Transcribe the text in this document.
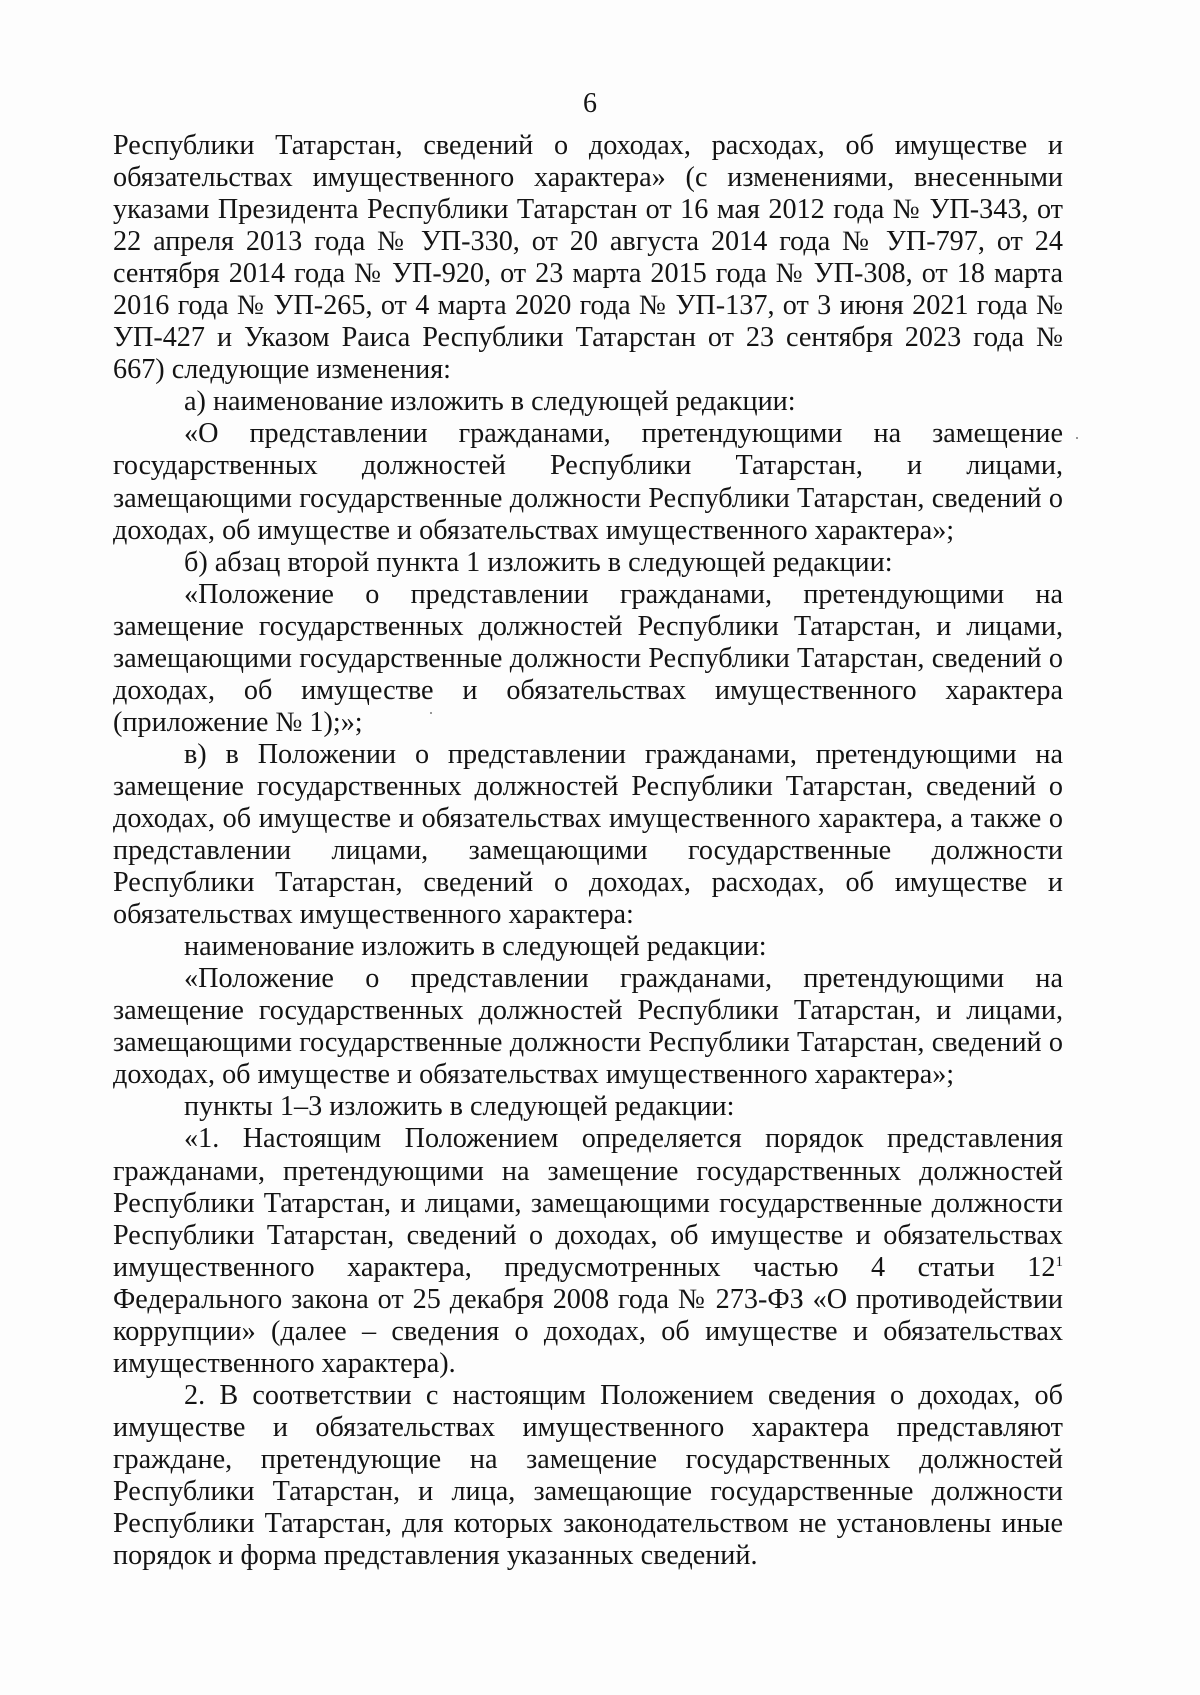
6

Республики Татарстан, сведений о доходах, расходах, об имуществе и обязательствах имущественного характера» (с изменениями, внесенными указами Президента Республики Татарстан от 16 мая 2012 года № УП-343, от 22 апреля 2013 года № УП-330, от 20 августа 2014 года № УП-797, от 24 сентября 2014 года № УП-920, от 23 марта 2015 года № УП-308, от 18 марта 2016 года № УП-265, от 4 марта 2020 года № УП-137, от 3 июня 2021 года № УП-427 и Указом Раиса Республики Татарстан от 23 сентября 2023 года № 667) следующие изменения:

а) наименование изложить в следующей редакции:

«О представлении гражданами, претендующими на замещение государственных должностей Республики Татарстан, и лицами, замещающими государственные должности Республики Татарстан, сведений о доходах, об имуществе и обязательствах имущественного характера»;

б) абзац второй пункта 1 изложить в следующей редакции:

«Положение о представлении гражданами, претендующими на замещение государственных должностей Республики Татарстан, и лицами, замещающими государственные должности Республики Татарстан, сведений о доходах, об имуществе и обязательствах имущественного характера (приложение № 1);»;

в) в Положении о представлении гражданами, претендующими на замещение государственных должностей Республики Татарстан, сведений о доходах, об имуществе и обязательствах имущественного характера, а также о представлении лицами, замещающими государственные должности Республики Татарстан, сведений о доходах, расходах, об имуществе и обязательствах имущественного характера:

наименование изложить в следующей редакции:

«Положение о представлении гражданами, претендующими на замещение государственных должностей Республики Татарстан, и лицами, замещающими государственные должности Республики Татарстан, сведений о доходах, об имуществе и обязательствах имущественного характера»;

пункты 1–3 изложить в следующей редакции:

«1. Настоящим Положением определяется порядок представления гражданами, претендующими на замещение государственных должностей Республики Татарстан, и лицами, замещающими государственные должности Республики Татарстан, сведений о доходах, об имуществе и обязательствах имущественного характера, предусмотренных частью 4 статьи $12^1$ Федерального закона от 25 декабря 2008 года № 273-ФЗ «О противодействии коррупции» (далее – сведения о доходах, об имуществе и обязательствах имущественного характера).

2. В соответствии с настоящим Положением сведения о доходах, об имуществе и обязательствах имущественного характера представляют граждане, претендующие на замещение государственных должностей Республики Татарстан, и лица, замещающие государственные должности Республики Татарстан, для которых законодательством не установлены иные порядок и форма представления указанных сведений.
